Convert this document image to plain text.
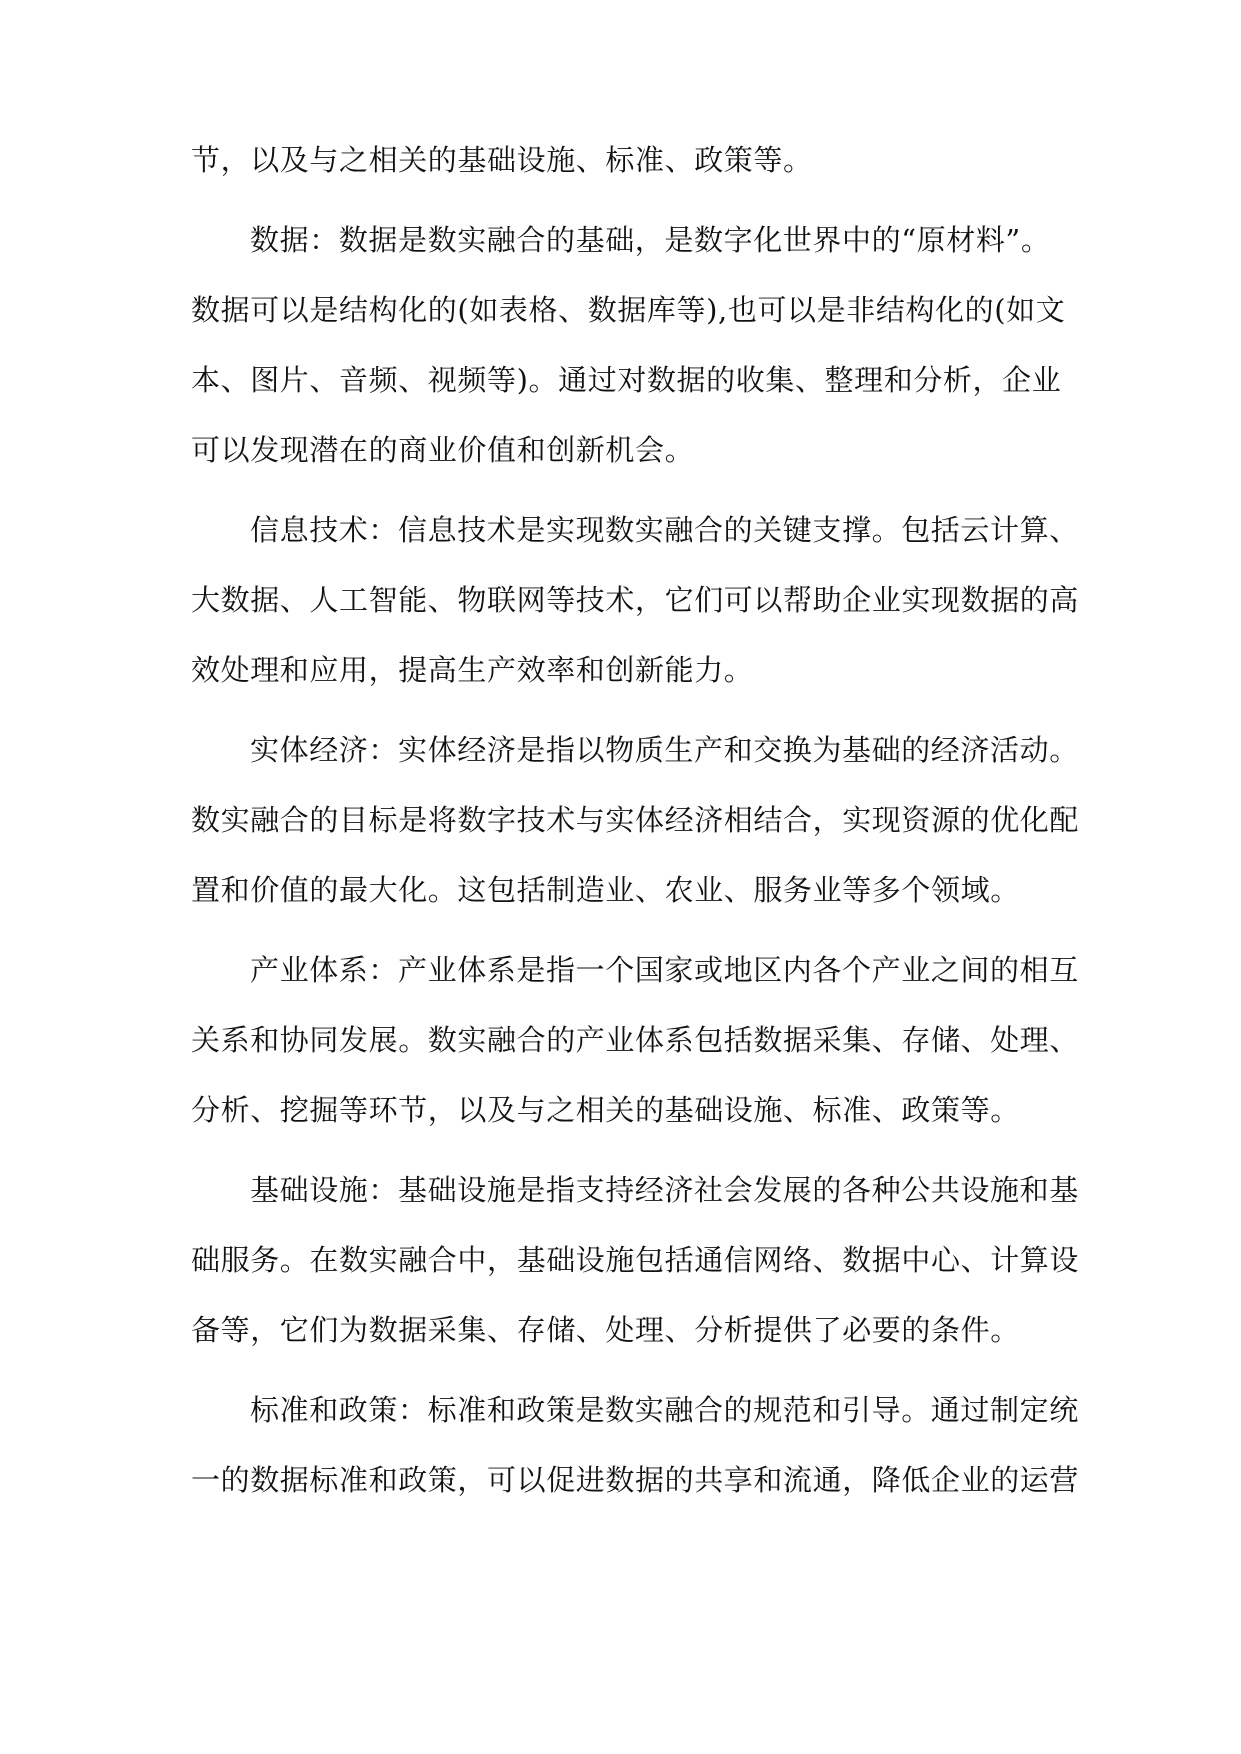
节，以及与之相关的基础设施、标准、政策等。
数据：数据是数实融合的基础，是数字化世界中的“原材料”。
数据可以是结构化的(如表格、数据库等),也可以是非结构化的(如文
本、图片、音频、视频等)。通过对数据的收集、整理和分析，企业
可以发现潜在的商业价值和创新机会。
信息技术：信息技术是实现数实融合的关键支撑。包括云计算、
大数据、人工智能、物联网等技术，它们可以帮助企业实现数据的高
效处理和应用，提高生产效率和创新能力。
实体经济：实体经济是指以物质生产和交换为基础的经济活动。
数实融合的目标是将数字技术与实体经济相结合，实现资源的优化配
置和价值的最大化。这包括制造业、农业、服务业等多个领域。
产业体系：产业体系是指一个国家或地区内各个产业之间的相互
关系和协同发展。数实融合的产业体系包括数据采集、存储、处理、
分析、挖掘等环节，以及与之相关的基础设施、标准、政策等。
基础设施：基础设施是指支持经济社会发展的各种公共设施和基
础服务。在数实融合中，基础设施包括通信网络、数据中心、计算设
备等，它们为数据采集、存储、处理、分析提供了必要的条件。
标准和政策：标准和政策是数实融合的规范和引导。通过制定统
一的数据标准和政策，可以促进数据的共享和流通，降低企业的运营
